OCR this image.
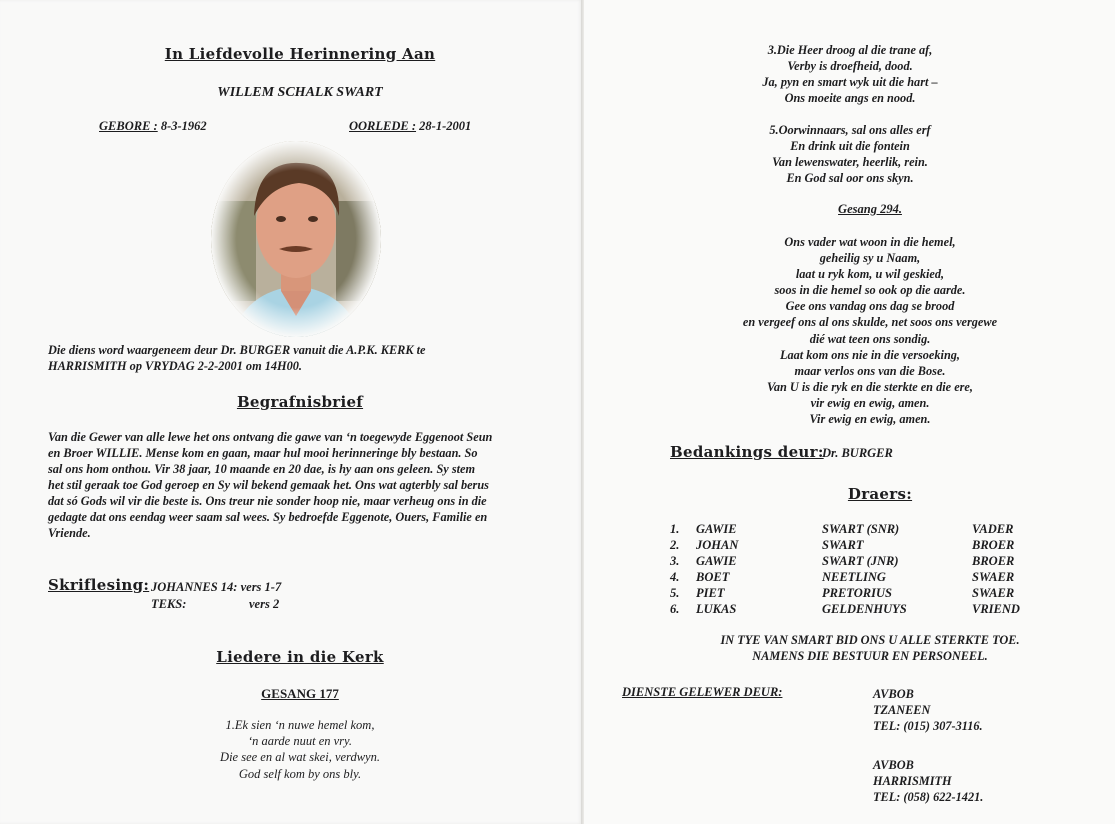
In Liefdevolle Herinnering Aan
WILLEM SCHALK SWART
GEBORE : 8-3-1962	OORLEDE : 28-1-2001
Die diens word waargeneem deur Dr. BURGER vanuit die A.P.K. KERK te
HARRISMITH op VRYDAG 2-2-2001 om 14H00.
Begrafnisbrief
Van die Gewer van alle lewe het ons ontvang die gawe van ‘n toegewyde Eggenoot Seun
en Broer WILLIE. Mense kom en gaan, maar hul mooi herinneringe bly bestaan. So
sal ons hom onthou. Vir 38 jaar, 10 maande en 20 dae, is hy aan ons geleen. Sy stem
het stil geraak toe God geroep en Sy wil bekend gemaak het. Ons wat agterbly sal berus
dat só Gods wil vir die beste is. Ons treur nie sonder hoop nie, maar verheug ons in die
gedagte dat ons eendag weer saam sal wees. Sy bedroefde Eggenote, Ouers, Familie en
Vriende.
Skriflesing: JOHANNES 14: vers 1-7
TEKS:	vers 2
Liedere in die Kerk
GESANG 177
1.Ek sien ‘n nuwe hemel kom,
‘n aarde nuut en vry.
Die see en al wat skei, verdwyn.
God self kom by ons bly.
3.Die Heer droog al die trane af,
Verby is droefheid, dood.
Ja, pyn en smart wyk uit die hart –
Ons moeite angs en nood.
5.Oorwinnaars, sal ons alles erf
En drink uit die fontein
Van lewenswater, heerlik, rein.
En God sal oor ons skyn.
Gesang 294.
Ons vader wat woon in die hemel,
geheilig sy u Naam,
laat u ryk kom, u wil geskied,
soos in die hemel so ook op die aarde.
Gee ons vandag ons dag se brood
en vergeef ons al ons skulde, net soos ons vergewe
dié wat teen ons sondig.
Laat kom ons nie in die versoeking,
maar verlos ons van die Bose.
Van U is die ryk en die sterkte en die ere,
vir ewig en ewig, amen.
Vir ewig en ewig, amen.
Bedankings deur:
Dr. BURGER
Draers:
1.	GAWIE	SWART (SNR)	VADER
2.	JOHAN	SWART	BROER
3.	GAWIE	SWART (JNR)	BROER
4.	BOET	NEETLING	SWAER
5.	PIET	PRETORIUS	SWAER
6.	LUKAS	GELDENHUYS	VRIEND
IN TYE VAN SMART BID ONS U ALLE STERKTE TOE.
NAMENS DIE BESTUUR EN PERSONEEL.
DIENSTE GELEWER DEUR:	AVBOB
TZANEEN
TEL: (015) 307-3116.
AVBOB
HARRISMITH
TEL: (058) 622-1421.
